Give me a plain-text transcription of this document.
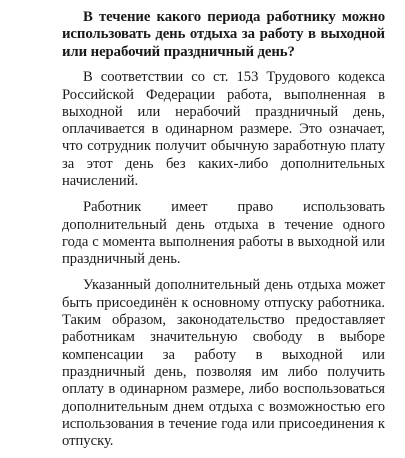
В течение какого периода работнику можно использовать день отдыха за работу в выходной или нерабочий праздничный день?

В соответствии со ст. 153 Трудового кодекса Российской Федерации работа, выполненная в выходной или нерабочий праздничный день, оплачивается в одинарном размере. Это означает, что сотрудник получит обычную заработную плату за этот день без каких-либо дополнительных начислений.

Работник имеет право использовать дополнительный день отдыха в течение одного года с момента выполнения работы в выходной или праздничный день.

Указанный дополнительный день отдыха может быть присоединён к основному отпуску работника. Таким образом, законодательство предоставляет работникам значительную свободу в выборе компенсации за работу в выходной или праздничный день, позволяя им либо получить оплату в одинарном размере, либо воспользоваться дополнительным днем отдыха с возможностью его использования в течение года или присоединения к отпуску.
